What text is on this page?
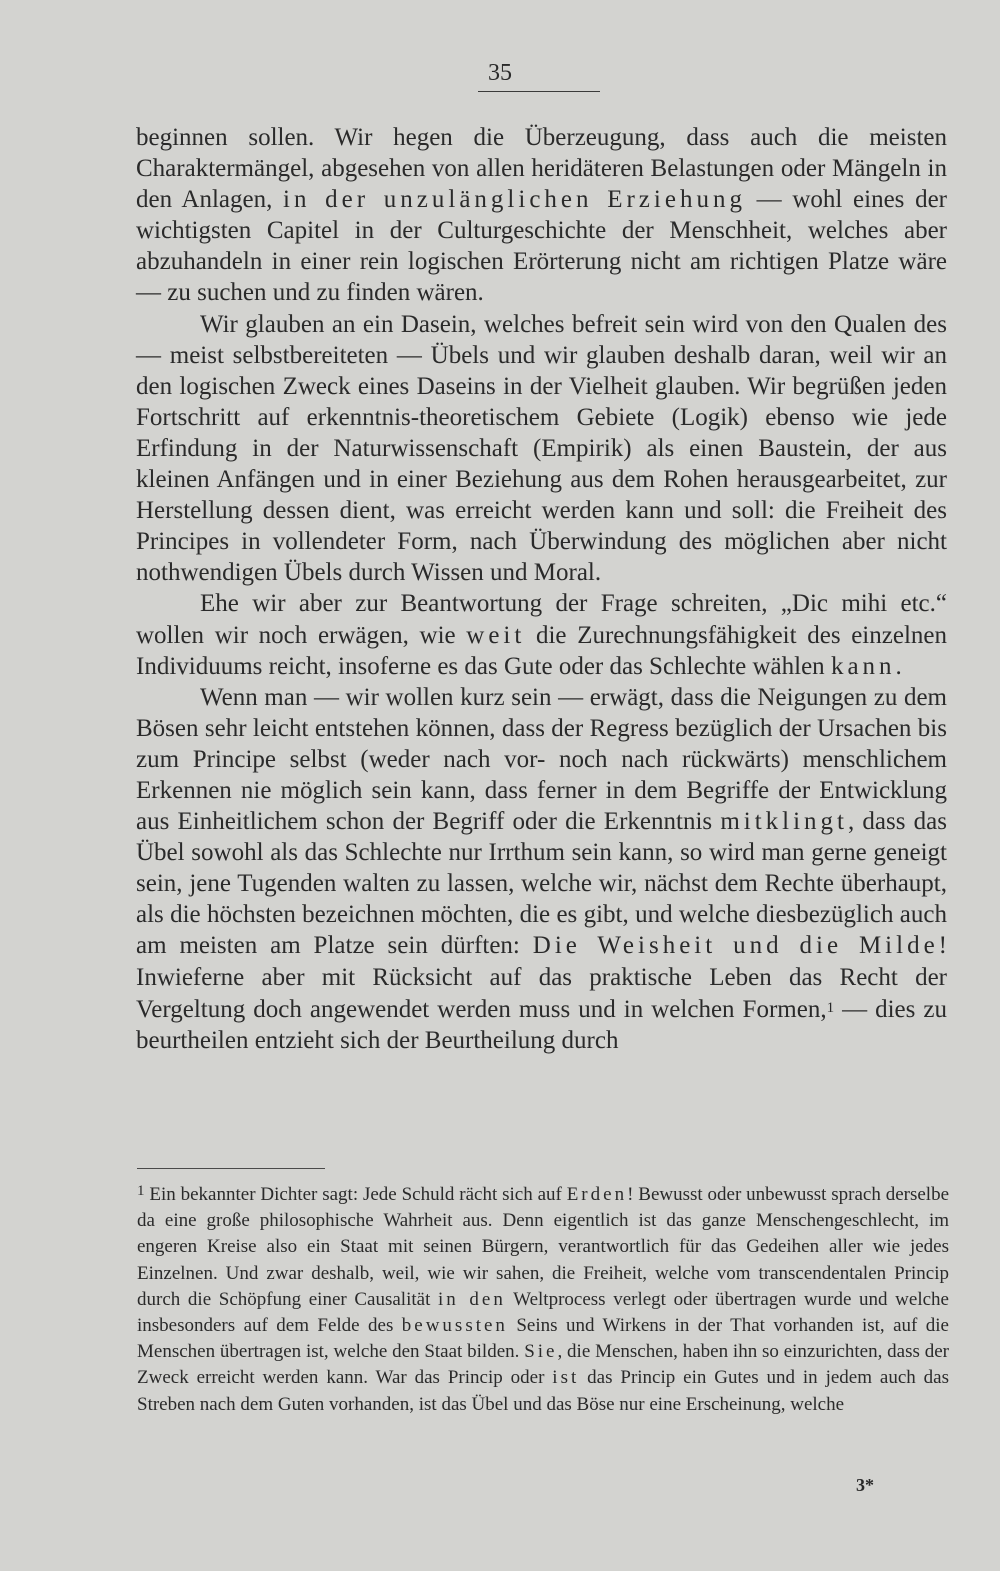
35

beginnen sollen. Wir hegen die Überzeugung, dass auch die meisten Charaktermängel, abgesehen von allen heridäteren Belastungen oder Mängeln in den Anlagen, in der unzulänglichen Erziehung — wohl eines der wichtigsten Capitel in der Culturgeschichte der Menschheit, welches aber abzuhandeln in einer rein logischen Erörterung nicht am richtigen Platze wäre — zu suchen und zu finden wären.

Wir glauben an ein Dasein, welches befreit sein wird von den Qualen des — meist selbstbereiteten — Übels und wir glauben deshalb daran, weil wir an den logischen Zweck eines Daseins in der Vielheit glauben. Wir begrüßen jeden Fortschritt auf erkenntnis-theoretischem Gebiete (Logik) ebenso wie jede Erfindung in der Naturwissenschaft (Empirik) als einen Baustein, der aus kleinen Anfängen und in einer Beziehung aus dem Rohen herausgearbeitet, zur Herstellung dessen dient, was erreicht werden kann und soll: die Freiheit des Principes in vollendeter Form, nach Überwindung des möglichen aber nicht nothwendigen Übels durch Wissen und Moral.

Ehe wir aber zur Beantwortung der Frage schreiten, „Dic mihi etc.“ wollen wir noch erwägen, wie weit die Zurechnungsfähigkeit des einzelnen Individuums reicht, insoferne es das Gute oder das Schlechte wählen kann.

Wenn man — wir wollen kurz sein — erwägt, dass die Neigungen zu dem Bösen sehr leicht entstehen können, dass der Regress bezüglich der Ursachen bis zum Principe selbst (weder nach vor- noch nach rückwärts) menschlichem Erkennen nie möglich sein kann, dass ferner in dem Begriffe der Entwicklung aus Einheitlichem schon der Begriff oder die Erkenntnis mitklingt, dass das Übel sowohl als das Schlechte nur Irrthum sein kann, so wird man gerne geneigt sein, jene Tugenden walten zu lassen, welche wir, nächst dem Rechte überhaupt, als die höchsten bezeichnen möchten, die es gibt, und welche diesbezüglich auch am meisten am Platze sein dürften: Die Weisheit und die Milde! Inwieferne aber mit Rücksicht auf das praktische Leben das Recht der Vergeltung doch angewendet werden muss und in welchen Formen,$^1$ — dies zu beurtheilen entzieht sich der Beurtheilung durch

$^1$ Ein bekannter Dichter sagt: Jede Schuld rächt sich auf Erden! Bewusst oder unbewusst sprach derselbe da eine große philosophische Wahrheit aus. Denn eigentlich ist das ganze Menschengeschlecht, im engeren Kreise also ein Staat mit seinen Bürgern, verantwortlich für das Gedeihen aller wie jedes Einzelnen. Und zwar deshalb, weil, wie wir sahen, die Freiheit, welche vom transcendentalen Princip durch die Schöpfung einer Causalität in den Weltprocess verlegt oder übertragen wurde und welche insbesonders auf dem Felde des bewussten Seins und Wirkens in der That vorhanden ist, auf die Menschen übertragen ist, welche den Staat bilden. Sie, die Menschen, haben ihn so einzurichten, dass der Zweck erreicht werden kann. War das Princip oder ist das Princip ein Gutes und in jedem auch das Streben nach dem Guten vorhanden, ist das Übel und das Böse nur eine Erscheinung, welche

3*
